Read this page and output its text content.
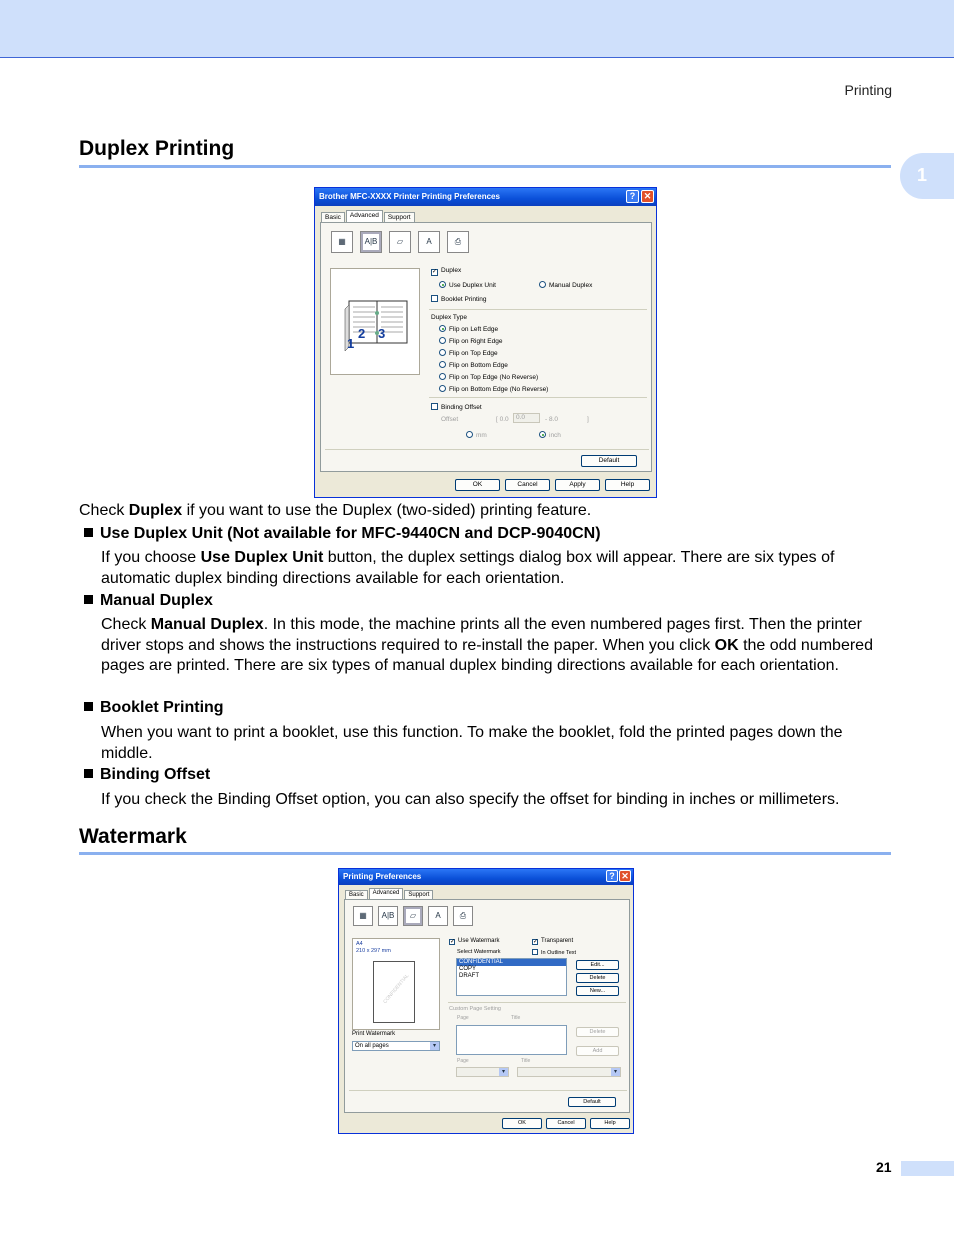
Printing
1
Duplex Printing
Brother MFC-XXXX Printer Printing Preferences	? ✕
Basic	Advanced	Support
▦	A|B	▱	A	⎙
1
2 3
✓ Duplex
Use Duplex Unit	Manual Duplex
Booklet Printing
Duplex Type
Flip on Left Edge
Flip on Right Edge
Flip on Top Edge
Flip on Bottom Edge
Flip on Top Edge (No Reverse)
Flip on Bottom Edge (No Reverse)
Binding Offset
Offset	[ 0.0	0.0	- 8.0	]
mm	inch
Default
OK	Cancel	Apply	Help
Check Duplex if you want to use the Duplex (two-sided) printing feature.
Use Duplex Unit (Not available for MFC-9440CN and DCP-9040CN)
If you choose Use Duplex Unit button, the duplex settings dialog box will appear. There are six types of automatic duplex binding directions available for each orientation.
Manual Duplex
Check Manual Duplex. In this mode, the machine prints all the even numbered pages first. Then the printer driver stops and shows the instructions required to re-install the paper. When you click OK the odd numbered pages are printed. There are six types of manual duplex binding directions available for each orientation.
Booklet Printing
When you want to print a booklet, use this function. To make the booklet, fold the printed pages down the middle.
Binding Offset
If you check the Binding Offset option, you can also specify the offset for binding in inches or millimeters.
Watermark
Printing Preferences	? ✕
Basic	Advanced	Support
▦	A|B	▱	A	⎙
A4
210 x 297 mm
CONFIDENTIAL
Print Watermark
On all pages ▾
✓ Use Watermark	✓ Transparent
Select Watermark	In Outline Text
CONFIDENTIAL
COPY
DRAFT
Edit...
Delete
New...
Custom Page Setting
Page	Title
Delete
Add
Page	Title
▾
▾
Default
OK	Cancel	Help
21
